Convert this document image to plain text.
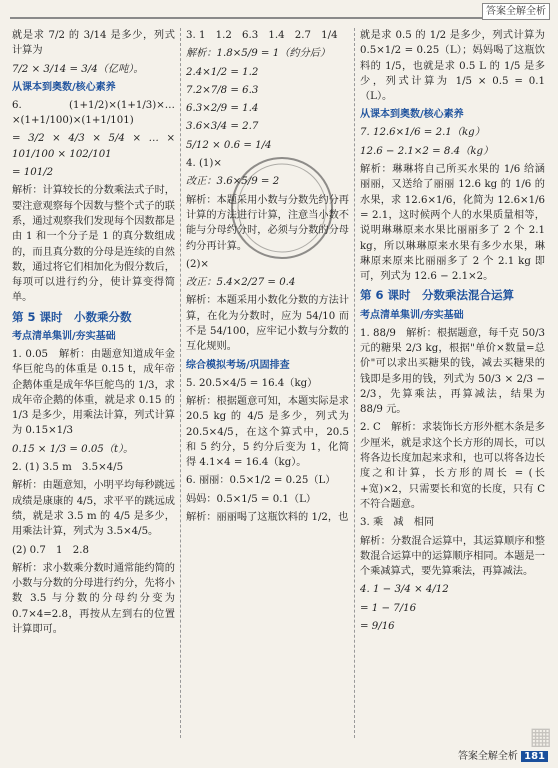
答案全解全析

就是求 7/2 的 3/14 是多少，列式计算为

7/2 × 3/14 = 3/4（亿吨）。

从课本到奥数/核心素养

6. (1+1/2)×(1+1/3)×…×(1+1/100)×(1+1/101)

= 3/2 × 4/3 × 5/4 × … × 101/100 × 102/101

= 101/2

解析：计算较长的分数乘法式子时，要注意观察每个因数与整个式子的联系，通过观察我们发现每个因数都是由 1 和一个分子是 1 的真分数组成的，而且真分数的分母是连续的自然数，通过将它们相加化为假分数后，每项可以进行约分，使计算变得简单。

第 5 课时　小数乘分数

考点清单集训/夯实基础

1. 0.05　解析：由题意知道成年金华巨舵鸟的体重是 0.15 t，成年帝企鹅体重是成年华巨舵鸟的 1/3，求成年帝企鹅的体重，就是求 0.15 的 1/3 是多少，用乘法计算，列式计算为 0.15×1/3

0.15 × 1/3 = 0.05（t）。

2. (1) 3.5 m　3.5×4/5

解析：由题意知，小明平均每秒跳远成绩是康康的 4/5，求平平的跳远成绩，就是求 3.5 m 的 4/5 是多少，用乘法计算，列式为 3.5×4/5。

(2) 0.7　1　2.8

解析：求小数乘分数时通常能约简的小数与分数的分母进行约分，先将小数 3.5 与分数的分母约分变为 0.7×4=2.8，再按从左到右的位置计算即可。

3. 1　1.2　6.3　1.4　2.7　1/4

解析：1.8×5/9 = 1（约分后）

2.4×1/2 = 1.2

7.2×7/8 = 6.3

6.3×2/9 = 1.4

3.6×3/4 = 2.7

5/12 × 0.6 = 1/4

4. (1)×

改正：3.6×5/9 = 2

解析：本题采用小数与分数先约分再计算的方法进行计算，注意当小数不能与分母约分时，必须与分数的分母约分再计算。

(2)×

改正：5.4×2/27 = 0.4

解析：本题采用小数化分数的方法计算，在化为分数时，应为 54/10 而不是 54/100，应牢记小数与分数的互化规则。

综合模拟考场/巩固排查

5. 20.5×4/5 = 16.4（kg）

解析：根据题意可知，本题实际是求 20.5 kg 的 4/5 是多少，列式为 20.5×4/5，在这个算式中，20.5 和 5 约分，5 约分后变为 1，化简得 4.1×4 = 16.4（kg）。

6. 丽丽：0.5×1/2 = 0.25（L）

妈妈：0.5×1/5 = 0.1（L）

解析：丽丽喝了这瓶饮料的 1/2，也

就是求 0.5 的 1/2 是多少，列式计算为 0.5×1/2 = 0.25（L）；妈妈喝了这瓶饮料的 1/5，也就是求 0.5 L 的 1/5 是多少，列式计算为 1/5 × 0.5 = 0.1（L）。

从课本到奥数/核心素养

7. 12.6×1/6 = 2.1（kg）

12.6 − 2.1×2 = 8.4（kg）

解析：琳琳将自己所买水果的 1/6 给涵丽丽，又送给了丽丽 12.6 kg 的 1/6 的水果，求 12.6×1/6，化简为 12.6×1/6 = 2.1，这时候两个人的水果质量相等，说明琳琳原来水果比丽丽多了 2 个 2.1 kg，所以琳琳原来水果有多少水果，琳琳原来原来比丽丽多了 2 个 2.1 kg 即可，列式为 12.6 − 2.1×2。

第 6 课时　分数乘法混合运算

考点清单集训/夯实基础

1. 88/9　解析：根据题意，每千克 50/3 元的糖果 2/3 kg，根据"单价×数量=总价"可以求出买糖果的钱，减去买糖果的钱即是多用的钱，列式为 50/3 × 2/3 − 2/3，先算乘法，再算减法，结果为 88/9 元。

2. C　解析：求装饰长方形外框木条是多少厘米，就是求这个长方形的周长，可以将各边长度加起来求和，也可以将各边长度之和计算，长方形的周长 = (长+宽)×2，只需要长和宽的长度，只有 C 不符合题意。

3. 乘　减　相同

解析：分数混合运算中，其运算顺序和整数混合运算中的运算顺序相同。本题是一个乘减算式，要先算乘法，再算减法。

4. 1 − 3/4 × 4/12

= 1 − 7/16

= 9/16

▦
答案全解全析 181
